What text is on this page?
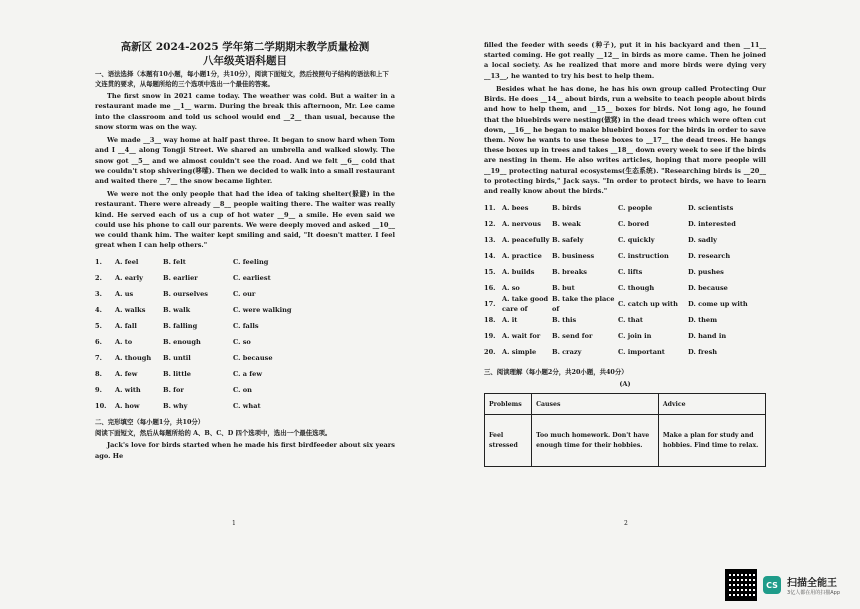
高新区 2024-2025 学年第二学期期末教学质量检测
八年级英语科题目
一、语法选择（本题有10小题，每小题1分，共10分），阅读下面短文，然后按照句子结构的语法和上下文连贯的要求，从每题所给的三个选项中选出一个最佳的答案。

The first snow in 2021 came today. The weather was cold. But a waiter in a restaurant made me __1__ warm. During the break this afternoon, Mr. Lee came into the classroom and told us school would end __2__ than usual, because the snow storm was on the way.

We made __3__ way home at half past three. It began to snow hard when Tom and I __4__ along Tongji Street. We shared an umbrella and walked slowly. The snow got __5__ and we almost couldn't see the road. And we felt __6__ cold that we couldn't stop shivering(哆嗦). Then we decided to walk into a small restaurant and waited there __7__ the snow became lighter.

We were not the only people that had the idea of taking shelter(躲避) in the restaurant. There were already __8__ people waiting there. The waiter was really kind. He served each of us a cup of hot water __9__ a smile. He even said we could use his phone to call our parents. We were deeply moved and asked __10__ we could thank him. The waiter kept smiling and said, "It doesn't matter. I feel great when I can help others."

1.	A. feel	B. felt	C. feeling
2.	A. early	B. earlier	C. earliest
3.	A. us	B. ourselves	C. our
4.	A. walks	B. walk	C. were walking
5.	A. fall	B. falling	C. falls
6.	A. to	B. enough	C. so
7.	A. though	B. until	C. because
8.	A. few	B. little	C. a few
9.	A. with	B. for	C. on
10.	A. how	B. why	C. what
二、完形填空（每小题1分，共10分）
阅读下面短文，然后从每题所给的 A、B、C、D 四个选项中，选出一个最佳选项。

Jack's love for birds started when he made his first birdfeeder about six years ago. He

1

filled the feeder with seeds (种子), put it in his backyard and then __11__ started coming. He got really __12__ in birds as more came. Then he joined a local society. As he realized that more and more birds were dying very __13__, he wanted to try his best to help them.

Besides what he has done, he has his own group called Protecting Our Birds. He does __14__ about birds, run a website to teach people about birds and how to help them, and __15__ boxes for birds. Not long ago, he found that the bluebirds were nesting(做窝) in the dead trees which were often cut down, __16__ he began to make bluebird boxes for the birds in order to save them. Now he wants to use these boxes to __17__ the dead trees. He hangs these boxes up in trees and takes __18__ down every week to see if the birds are nesting in them. He also writes articles, hoping that more people will __19__ protecting natural ecosystems(生态系统). "Researching birds is __20__ to protecting birds," Jack says. "In order to protect birds, we have to learn and really know about the birds."

11. A. bees	B. birds	C. people	D. scientists
12. A. nervous	B. weak	C. bored	D. interested
13. A. peacefully B. safely	C. quickly	D. sadly
14. A. practice	B. business	C. instruction	D. research
15. A. builds	B. breaks	C. lifts	D. pushes
16. A. so	B. but	C. though	D. because
17.
A. take good care of
B. take the place of
C. catch up with	D. come up with
18. A. it	B. this	C. that	D. them
19. A. wait for	B. send for	C. join in	D. hand in
20. A. simple	B. crazy	C. important	D. fresh
三、阅读理解（每小题2分，共20小题，共40分）
(A)
Problems	Causes	Advice
Feel stressed	Too much homework. Don't have enough time for their hobbies.	Make a plan for study and hobbies. Find time to relax.
2
CS 扫描全能王
3亿人都在用的扫描App
